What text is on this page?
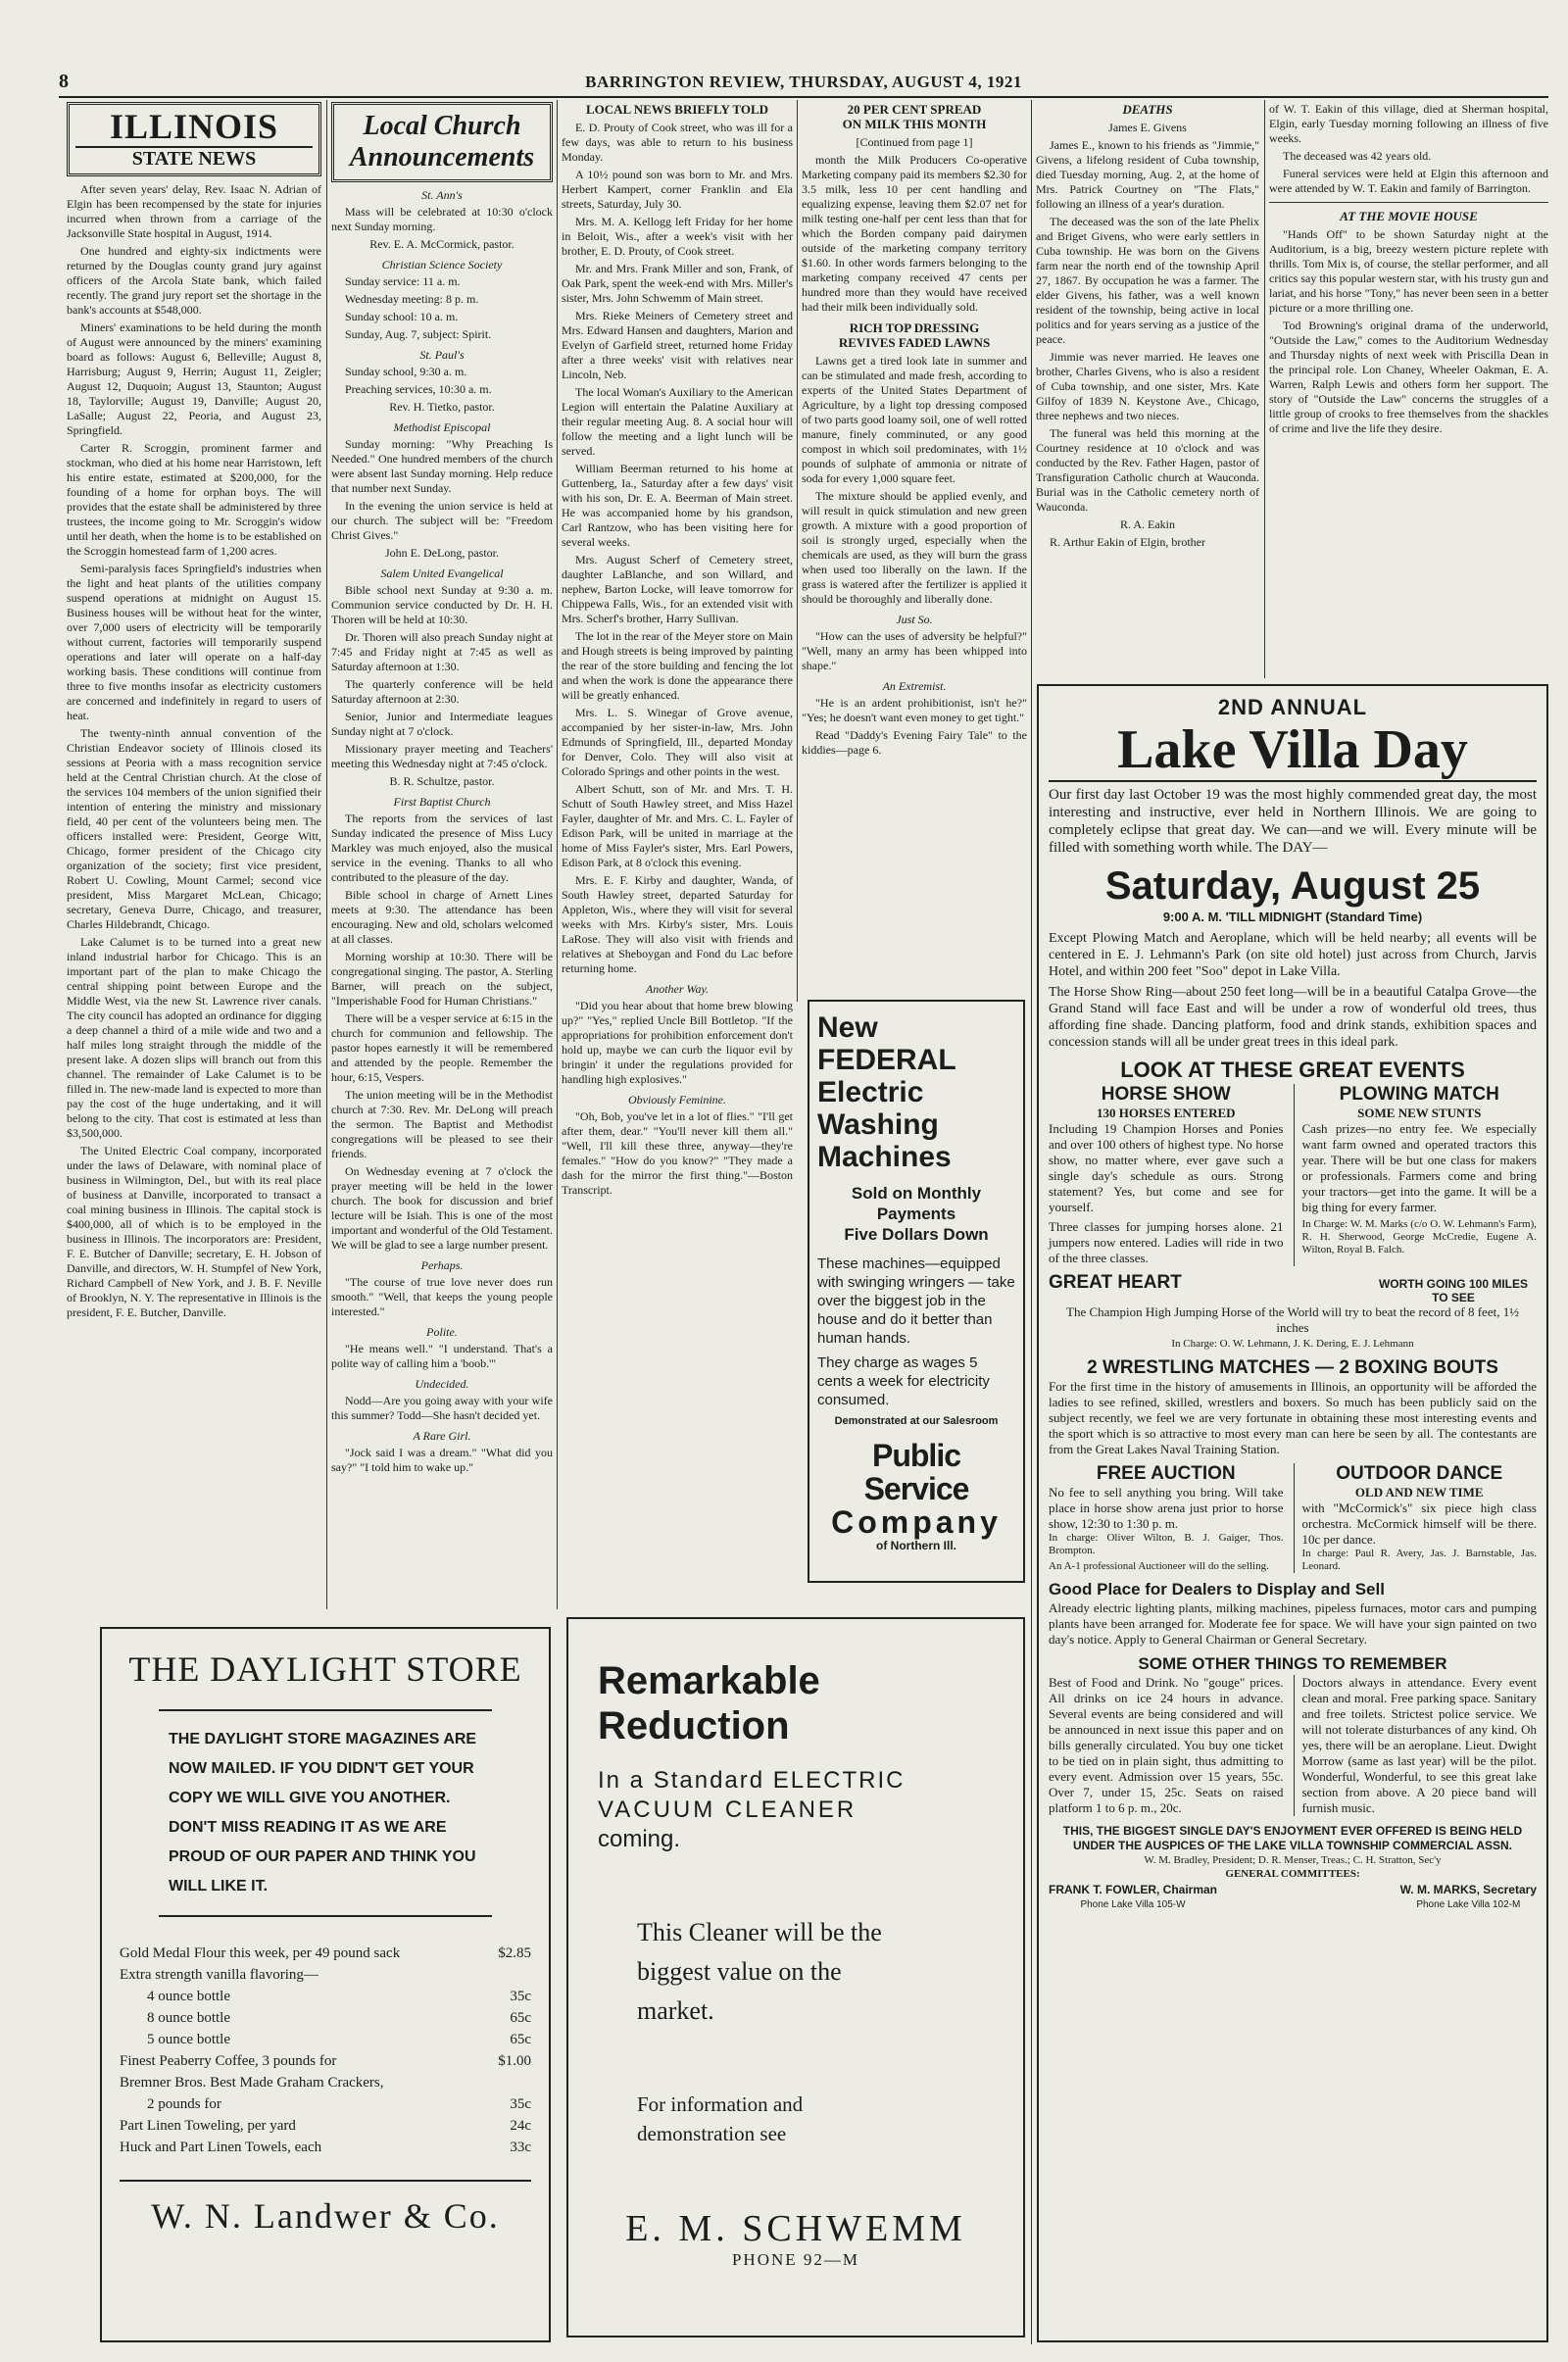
8	BARRINGTON REVIEW, THURSDAY, AUGUST 4, 1921
ILLINOIS
STATE NEWS

After seven years' delay, Rev. Isaac N. Adrian of Elgin has been recompensed by the state for injuries incurred when thrown from a carriage of the Jacksonville State hospital in August, 1914.

One hundred and eighty-six indictments were returned by the Douglas county grand jury against officers of the Arcola State bank, which failed recently. The grand jury report set the shortage in the bank's accounts at $548,000.

Miners' examinations to be held during the month of August were announced by the miners' examining board as follows: August 6, Belleville; August 8, Harrisburg; August 9, Herrin; August 11, Zeigler; August 12, Duquoin; August 13, Staunton; August 18, Taylorville; August 19, Danville; August 20, LaSalle; August 22, Peoria, and August 23, Springfield.

Carter R. Scroggin, prominent farmer and stockman, who died at his home near Harristown, left his entire estate, estimated at $200,000, for the founding of a home for orphan boys. The will provides that the estate shall be administered by three trustees, the income going to Mr. Scroggin's widow until her death, when the home is to be established on the Scroggin homestead farm of 1,200 acres.

Semi-paralysis faces Springfield's industries when the light and heat plants of the utilities company suspend operations at midnight on August 15. Business houses will be without heat for the winter, over 7,000 users of electricity will be temporarily without current, factories will temporarily suspend operations and later will operate on a half-day working basis. These conditions will continue from three to five months insofar as electricity customers are concerned and indefinitely in regard to users of heat.

The twenty-ninth annual convention of the Christian Endeavor society of Illinois closed its sessions at Peoria with a mass recognition service held at the Central Christian church. At the close of the services 104 members of the union signified their intention of entering the ministry and missionary field, 40 per cent of the volunteers being men. The officers installed were: President, George Witt, Chicago, former president of the Chicago city organization of the society; first vice president, Robert U. Cowling, Mount Carmel; second vice president, Miss Margaret McLean, Chicago; secretary, Geneva Durre, Chicago, and treasurer, Charles Hildebrandt, Chicago.

Lake Calumet is to be turned into a great new inland industrial harbor for Chicago. This is an important part of the plan to make Chicago the central shipping point between Europe and the Middle West, via the new St. Lawrence river canals. The city council has adopted an ordinance for digging a deep channel a third of a mile wide and two and a half miles long straight through the middle of the present lake. A dozen slips will branch out from this channel. The remainder of Lake Calumet is to be filled in. The new-made land is expected to more than pay the cost of the huge undertaking, and it will belong to the city. That cost is estimated at less than $3,500,000.

The United Electric Coal company, incorporated under the laws of Delaware, with nominal place of business in Wilmington, Del., but with its real place of business at Danville, incorporated to transact a coal mining business in Illinois. The capital stock is $400,000, all of which is to be employed in the business in Illinois. The incorporators are: President, F. E. Butcher of Danville; secretary, E. H. Jobson of Danville, and directors, W. H. Stumpfel of New York, Richard Campbell of New York, and J. B. F. Neville of Brooklyn, N. Y. The representative in Illinois is the president, F. E. Butcher, Danville.

Local Church
Announcements
St. Ann's

Mass will be celebrated at 10:30 o'clock next Sunday morning.

Rev. E. A. McCormick, pastor.

Christian Science Society

Sunday service: 11 a. m.

Wednesday meeting: 8 p. m.

Sunday school: 10 a. m.

Sunday, Aug. 7, subject: Spirit.

St. Paul's

Sunday school, 9:30 a. m.

Preaching services, 10:30 a. m.

Rev. H. Tietko, pastor.

Methodist Episcopal

Sunday morning: "Why Preaching Is Needed." One hundred members of the church were absent last Sunday morning. Help reduce that number next Sunday.

In the evening the union service is held at our church. The subject will be: "Freedom Christ Gives."

John E. DeLong, pastor.

Salem United Evangelical

Bible school next Sunday at 9:30 a. m. Communion service conducted by Dr. H. H. Thoren will be held at 10:30.

Dr. Thoren will also preach Sunday night at 7:45 and Friday night at 7:45 as well as Saturday afternoon at 1:30.

The quarterly conference will be held Saturday afternoon at 2:30.

Senior, Junior and Intermediate leagues Sunday night at 7 o'clock.

Missionary prayer meeting and Teachers' meeting this Wednesday night at 7:45 o'clock.

B. R. Schultze, pastor.

First Baptist Church

The reports from the services of last Sunday indicated the presence of Miss Lucy Markley was much enjoyed, also the musical service in the evening. Thanks to all who contributed to the pleasure of the day.

Bible school in charge of Arnett Lines meets at 9:30. The attendance has been encouraging. New and old, scholars welcomed at all classes.

Morning worship at 10:30. There will be congregational singing. The pastor, A. Sterling Barner, will preach on the subject, "Imperishable Food for Human Christians."

There will be a vesper service at 6:15 in the church for communion and fellowship. The pastor hopes earnestly it will be remembered and attended by the people. Remember the hour, 6:15, Vespers.

The union meeting will be in the Methodist church at 7:30. Rev. Mr. DeLong will preach the sermon. The Baptist and Methodist congregations will be pleased to see their friends.

On Wednesday evening at 7 o'clock the prayer meeting will be held in the lower church. The book for discussion and brief lecture will be Isiah. This is one of the most important and wonderful of the Old Testament. We will be glad to see a large number present.

Perhaps.

"The course of true love never does run smooth." "Well, that keeps the young people interested."

Polite.

"He means well." "I understand. That's a polite way of calling him a 'boob.'"

Undecided.

Nodd—Are you going away with your wife this summer? Todd—She hasn't decided yet.

A Rare Girl.

"Jock said I was a dream." "What did you say?" "I told him to wake up."

LOCAL NEWS BRIEFLY TOLD

E. D. Prouty of Cook street, who was ill for a few days, was able to return to his business Monday.

A 10½ pound son was born to Mr. and Mrs. Herbert Kampert, corner Franklin and Ela streets, Saturday, July 30.

Mrs. M. A. Kellogg left Friday for her home in Beloit, Wis., after a week's visit with her brother, E. D. Prouty, of Cook street.

Mr. and Mrs. Frank Miller and son, Frank, of Oak Park, spent the week-end with Mrs. Miller's sister, Mrs. John Schwemm of Main street.

Mrs. Rieke Meiners of Cemetery street and Mrs. Edward Hansen and daughters, Marion and Evelyn of Garfield street, returned home Friday after a three weeks' visit with relatives near Lincoln, Neb.

The local Woman's Auxiliary to the American Legion will entertain the Palatine Auxiliary at their regular meeting Aug. 8. A social hour will follow the meeting and a light lunch will be served.

William Beerman returned to his home at Guttenberg, Ia., Saturday after a few days' visit with his son, Dr. E. A. Beerman of Main street. He was accompanied home by his grandson, Carl Rantzow, who has been visiting here for several weeks.

Mrs. August Scherf of Cemetery street, daughter LaBlanche, and son Willard, and nephew, Barton Locke, will leave tomorrow for Chippewa Falls, Wis., for an extended visit with Mrs. Scherf's brother, Harry Sullivan.

The lot in the rear of the Meyer store on Main and Hough streets is being improved by painting the rear of the store building and fencing the lot and when the work is done the appearance there will be greatly enhanced.

Mrs. L. S. Winegar of Grove avenue, accompanied by her sister-in-law, Mrs. John Edmunds of Springfield, Ill., departed Monday for Denver, Colo. They will also visit at Colorado Springs and other points in the west.

Albert Schutt, son of Mr. and Mrs. T. H. Schutt of South Hawley street, and Miss Hazel Fayler, daughter of Mr. and Mrs. C. L. Fayler of Edison Park, will be united in marriage at the home of Miss Fayler's sister, Mrs. Earl Powers, Edison Park, at 8 o'clock this evening.

Mrs. E. F. Kirby and daughter, Wanda, of South Hawley street, departed Saturday for Appleton, Wis., where they will visit for several weeks with Mrs. Kirby's sister, Mrs. Louis LaRose. They will also visit with friends and relatives at Sheboygan and Fond du Lac before returning home.

Another Way.

"Did you hear about that home brew blowing up?" "Yes," replied Uncle Bill Bottletop. "If the appropriations for prohibition enforcement don't hold up, maybe we can curb the liquor evil by bringin' it under the regulations provided for handling high explosives."

Obviously Feminine.

"Oh, Bob, you've let in a lot of flies." "I'll get after them, dear." "You'll never kill them all." "Well, I'll kill these three, anyway—they're females." "How do you know?" "They made a dash for the mirror the first thing."—Boston Transcript.

20 PER CENT SPREAD
ON MILK THIS MONTH

[Continued from page 1]

month the Milk Producers Co-operative Marketing company paid its members $2.30 for 3.5 milk, less 10 per cent handling and equalizing expense, leaving them $2.07 net for milk testing one-half per cent less than that for which the Borden company paid dairymen outside of the marketing company territory $1.60. In other words farmers belonging to the marketing company received 47 cents per hundred more than they would have received had their milk been individually sold.

RICH TOP DRESSING
REVIVES FADED LAWNS

Lawns get a tired look late in summer and can be stimulated and made fresh, according to experts of the United States Department of Agriculture, by a light top dressing composed of two parts good loamy soil, one of well rotted manure, finely comminuted, or any good compost in which soil predominates, with 1½ pounds of sulphate of ammonia or nitrate of soda for every 1,000 square feet.

The mixture should be applied evenly, and will result in quick stimulation and new green growth. A mixture with a good proportion of soil is strongly urged, especially when the chemicals are used, as they will burn the grass when used too liberally on the lawn. If the grass is watered after the fertilizer is applied it should be thoroughly and liberally done.

Just So.

"How can the uses of adversity be helpful?" "Well, many an army has been whipped into shape."

An Extremist.

"He is an ardent prohibitionist, isn't he?" "Yes; he doesn't want even money to get tight."

Read "Daddy's Evening Fairy Tale" to the kiddies—page 6.

New
FEDERAL
Electric
Washing
Machines
Sold on Monthly
Payments
Five Dollars Down
These machines—equipped with swinging wringers — take over the biggest job in the house and do it better than human hands.
They charge as wages 5 cents a week for electricity consumed.
Demonstrated at our Salesroom
Public Service
Company
of Northern Ill.
Remarkable Reduction
In a Standard ELECTRIC
VACUUM CLEANER
coming.
This Cleaner will be the biggest value on the market.
For information and demonstration see
E. M. SCHWEMM
PHONE 92—M
THE DAYLIGHT STORE
THE DAYLIGHT STORE MAGAZINES ARE NOW MAILED. IF YOU DIDN'T GET YOUR COPY WE WILL GIVE YOU ANOTHER. DON'T MISS READING IT AS WE ARE PROUD OF OUR PAPER AND THINK YOU WILL LIKE IT.
Gold Medal Flour this week, per 49 pound sack	$2.85
Extra strength vanilla flavoring—
4 ounce bottle	35c
8 ounce bottle	65c
5 ounce bottle	65c
Finest Peaberry Coffee, 3 pounds for	$1.00
Bremner Bros. Best Made Graham Crackers,
2 pounds for	35c
Part Linen Toweling, per yard	24c
Huck and Part Linen Towels, each	33c
W. N. Landwer & Co.
DEATHS

James E. Givens

James E., known to his friends as "Jimmie," Givens, a lifelong resident of Cuba township, died Tuesday morning, Aug. 2, at the home of Mrs. Patrick Courtney on "The Flats," following an illness of a year's duration.

The deceased was the son of the late Phelix and Briget Givens, who were early settlers in Cuba township. He was born on the Givens farm near the north end of the township April 27, 1867. By occupation he was a farmer. The elder Givens, his father, was a well known resident of the township, being active in local politics and for years serving as a justice of the peace.

Jimmie was never married. He leaves one brother, Charles Givens, who is also a resident of Cuba township, and one sister, Mrs. Kate Gilfoy of 1839 N. Keystone Ave., Chicago, three nephews and two nieces.

The funeral was held this morning at the Courtney residence at 10 o'clock and was conducted by the Rev. Father Hagen, pastor of Transfiguration Catholic church at Wauconda. Burial was in the Catholic cemetery north of Wauconda.

R. A. Eakin

R. Arthur Eakin of Elgin, brother

of W. T. Eakin of this village, died at Sherman hospital, Elgin, early Tuesday morning following an illness of five weeks.

The deceased was 42 years old.

Funeral services were held at Elgin this afternoon and were attended by W. T. Eakin and family of Barrington.

AT THE MOVIE HOUSE

"Hands Off" to be shown Saturday night at the Auditorium, is a big, breezy western picture replete with thrills. Tom Mix is, of course, the stellar performer, and all critics say this popular western star, with his trusty gun and lariat, and his horse "Tony," has never been seen in a better picture or a more thrilling one.

Tod Browning's original drama of the underworld, "Outside the Law," comes to the Auditorium Wednesday and Thursday nights of next week with Priscilla Dean in the principal role. Lon Chaney, Wheeler Oakman, E. A. Warren, Ralph Lewis and others form her support. The story of "Outside the Law" concerns the struggles of a little group of crooks to free themselves from the shackles of crime and live the life they desire.

2ND ANNUAL
Lake Villa Day
Our first day last October 19 was the most highly commended great day, the most interesting and instructive, ever held in Northern Illinois. We are going to completely eclipse that great day. We can—and we will. Every minute will be filled with something worth while. The DAY—
Saturday, August 25
9:00 A. M. 'TILL MIDNIGHT (Standard Time)
Except Plowing Match and Aeroplane, which will be held nearby; all events will be centered in E. J. Lehmann's Park (on site old hotel) just across from Church, Jarvis Hotel, and within 200 feet "Soo" depot in Lake Villa.
The Horse Show Ring—about 250 feet long—will be in a beautiful Catalpa Grove—the Grand Stand will face East and will be under a row of wonderful old trees, thus affording fine shade. Dancing platform, food and drink stands, exhibition spaces and concession stands will all be under great trees in this ideal park.
LOOK AT THESE GREAT EVENTS
HORSE SHOW
130 HORSES ENTERED
Including 19 Champion Horses and Ponies and over 100 others of highest type. No horse show, no matter where, ever gave such a single day's schedule as ours. Strong statement? Yes, but come and see for yourself.
Three classes for jumping horses alone. 21 jumpers now entered. Ladies will ride in two of the three classes.
PLOWING MATCH
SOME NEW STUNTS
Cash prizes—no entry fee. We especially want farm owned and operated tractors this year. There will be but one class for makers or professionals. Farmers come and bring your tractors—get into the game. It will be a big thing for every farmer.
In Charge: W. M. Marks (c/o O. W. Lehmann's Farm), R. H. Sherwood, George McCredie, Eugene A. Wilton, Royal B. Falch.
GREAT HEART	WORTH GOING 100 MILES TO SEE
The Champion High Jumping Horse of the World will try to beat the record of 8 feet, 1½ inches
In Charge: O. W. Lehmann, J. K. Dering, E. J. Lehmann
2 WRESTLING MATCHES — 2 BOXING BOUTS
For the first time in the history of amusements in Illinois, an opportunity will be afforded the ladies to see refined, skilled, wrestlers and boxers. So much has been publicly said on the subject recently, we feel we are very fortunate in obtaining these most interesting events and the sport which is so attractive to most every man can here be seen by all. The contestants are from the Great Lakes Naval Training Station.
FREE AUCTION
No fee to sell anything you bring. Will take place in horse show arena just prior to horse show, 12:30 to 1:30 p. m.
In charge: Oliver Wilton, B. J. Gaiger, Thos. Brompton.
An A-1 professional Auctioneer will do the selling.
OUTDOOR DANCE
OLD AND NEW TIME
with "McCormick's" six piece high class orchestra. McCormick himself will be there. 10c per dance.
In charge: Paul R. Avery, Jas. J. Barnstable, Jas. Leonard.
Good Place for Dealers to Display and Sell
Already electric lighting plants, milking machines, pipeless furnaces, motor cars and pumping plants have been arranged for. Moderate fee for space. We will have your sign painted on two day's notice. Apply to General Chairman or General Secretary.
SOME OTHER THINGS TO REMEMBER
Best of Food and Drink. No "gouge" prices. All drinks on ice 24 hours in advance. Several events are being considered and will be announced in next issue this paper and on bills generally circulated. You buy one ticket to be tied on in plain sight, thus admitting to every event. Admission over 15 years, 55c. Over 7, under 15, 25c. Seats on raised platform 1 to 6 p. m., 20c.
Doctors always in attendance. Every event clean and moral. Free parking space. Sanitary and free toilets. Strictest police service. We will not tolerate disturbances of any kind. Oh yes, there will be an aeroplane. Lieut. Dwight Morrow (same as last year) will be the pilot. Wonderful, Wonderful, to see this great lake section from above. A 20 piece band will furnish music.
THIS, THE BIGGEST SINGLE DAY'S ENJOYMENT EVER OFFERED IS BEING HELD UNDER THE AUSPICES OF THE LAKE VILLA TOWNSHIP COMMERCIAL ASSN.
W. M. Bradley, President; D. R. Menser, Treas.; C. H. Stratton, Sec'y
GENERAL COMMITTEES:
FRANK T. FOWLER, Chairman
Phone Lake Villa 105-W
W. M. MARKS, Secretary
Phone Lake Villa 102-M
